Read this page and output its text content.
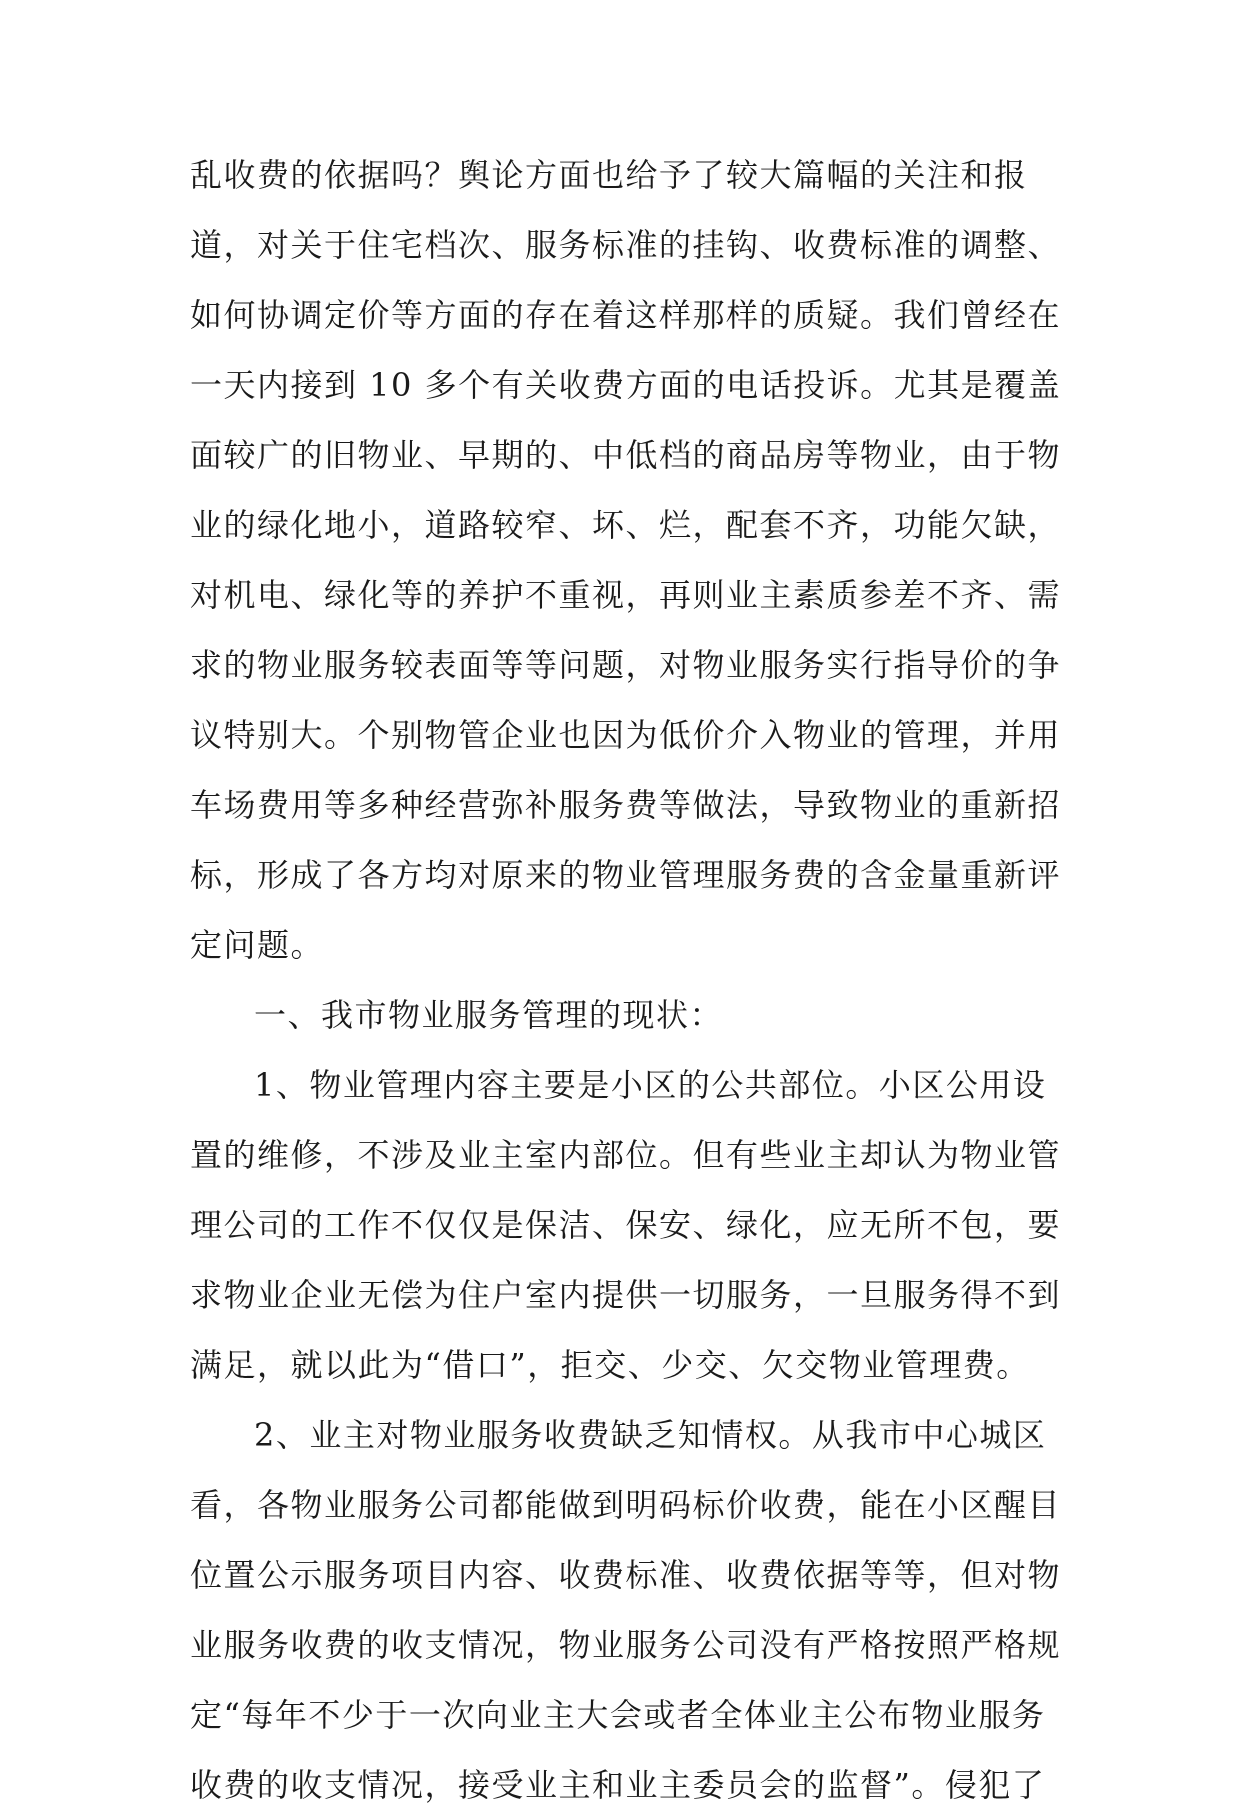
乱收费的依据吗？舆论方面也给予了较大篇幅的关注和报
道，对关于住宅档次、服务标准的挂钩、收费标准的调整、
如何协调定价等方面的存在着这样那样的质疑。我们曾经在
一天内接到 10 多个有关收费方面的电话投诉。尤其是覆盖
面较广的旧物业、早期的、中低档的商品房等物业，由于物
业的绿化地小，道路较窄、坏、烂，配套不齐，功能欠缺，
对机电、绿化等的养护不重视，再则业主素质参差不齐、需
求的物业服务较表面等等问题，对物业服务实行指导价的争
议特别大。个别物管企业也因为低价介入物业的管理，并用
车场费用等多种经营弥补服务费等做法，导致物业的重新招
标，形成了各方均对原来的物业管理服务费的含金量重新评
定问题。
一、我市物业服务管理的现状：
1、物业管理内容主要是小区的公共部位。小区公用设
置的维修，不涉及业主室内部位。但有些业主却认为物业管
理公司的工作不仅仅是保洁、保安、绿化，应无所不包，要
求物业企业无偿为住户室内提供一切服务，一旦服务得不到
满足，就以此为“借口”，拒交、少交、欠交物业管理费。
2、业主对物业服务收费缺乏知情权。从我市中心城区
看，各物业服务公司都能做到明码标价收费，能在小区醒目
位置公示服务项目内容、收费标准、收费依据等等，但对物
业服务收费的收支情况，物业服务公司没有严格按照严格规
定“每年不少于一次向业主大会或者全体业主公布物业服务
收费的收支情况，接受业主和业主委员会的监督”。侵犯了
